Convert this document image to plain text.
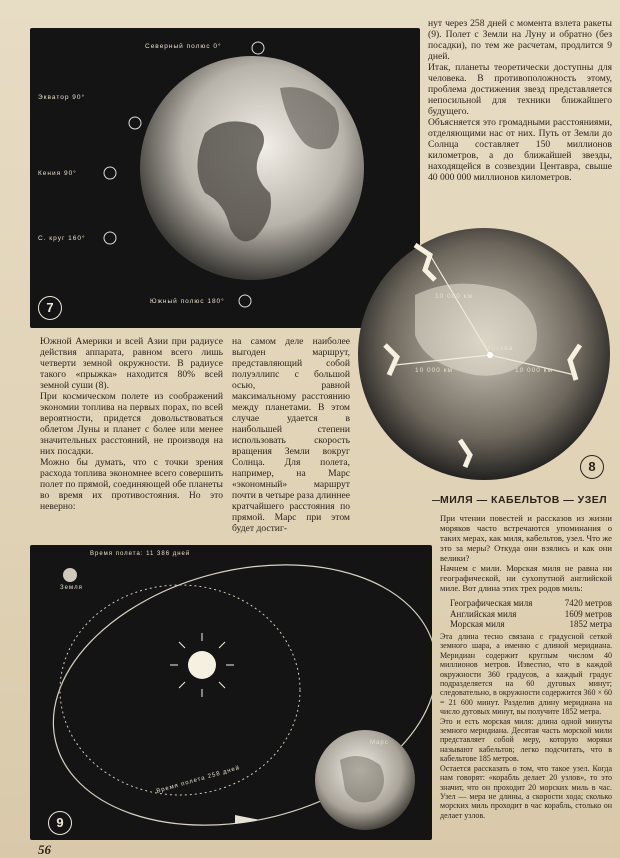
Северный полюс 0°
Экватор 90°
Кения 90°
С. круг 160°
Южный полюс 180°
7
нут через 258 дней с момента взлета ракеты (9). Полет с Земли на Луну и обратно (без посадки), по тем же расчетам, продлится 9 дней.
Итак, планеты теоретически доступны для человека. В противоположность этому, проблема достижения звезд представляется непосильной для техники ближайшего будущего.
Объясняется это громадными расстояниями, отделяющими нас от них. Путь от Земли до Солнца составляет 150 миллионов километров, а до ближайшей звезды, находящейся в созвездии Центавра, свыше 40 000 000 миллионов километров.
10 000 км
Москва
10 000 км	10 000 км
8
Южной Америки и всей Азии при радиусе действия аппарата, равном всего лишь четверти земной окружности. В радиусе такого «прыжка» находится 80% всей земной суши (8).
При космическом полете из соображений экономии топлива на первых порах, по всей вероятности, придется довольствоваться облетом Луны и планет с более или менее значительных расстояний, не производя на них посадки.
Можно бы думать, что с точки зрения расхода топлива экономнее всего совершить полет по прямой, соединяющей обе планеты во время их противостояния. Но это неверно:
на самом деле наиболее выгоден маршрут, представляющий собой полуэллипс с большой осью, равной максимальному расстоянию между планетами. В этом случае удается в наибольшей степени использовать скорость вращения Земли вокруг Солнца. Для полета, например, на Марс «экономный» маршрут почти в четыре раза длиннее кратчайшего расстояния по прямой. Марс при этом будет достиг-
МИЛЯ — КАБЕЛЬТОВ — УЗЕЛ
При чтении повестей и рассказов из жизни моряков часто встречаются упоминания о таких мерах, как миля, кабельтов, узел. Что же это за меры? Откуда они взялись и как они велики?
Начнем с мили. Морская миля не равна ни географической, ни сухопутной английской миле. Вот длина этих трех родов миль:
Географическая миля	7420 метров
Английская миля	1609 метров
Морская миля	1852 метра
Эта длина тесно связана с градусной сеткой земного шара, а именно с длиной меридиана. Меридиан содержит круглым числом 40 миллионов метров. Известно, что в каждой окружности 360 градусов, а каждый градус подразделяется на 60 дуговых минут; следовательно, в окружности содержится 360 × 60 = 21 600 минут. Разделив длину меридиана на число дуговых минут, вы получите 1852 метра.
Это и есть морская миля: длина одной минуты земного меридиана. Десятая часть морской мили представляет собой меру, которую моряки называют кабельтов; легко подсчитать, что в кабельтове 185 метров.
Остается рассказать о том, что такое узел. Когда нам говорят: «корабль делает 20 узлов», то это значит, что он проходит 20 морских миль в час. Узел — мера не длины, а скорости хода; сколько морских миль проходит в час корабль, столько он делает узлов.
Время полета: 11 386 дней
Земля
Время полета 258 дней
Марс
9
56
